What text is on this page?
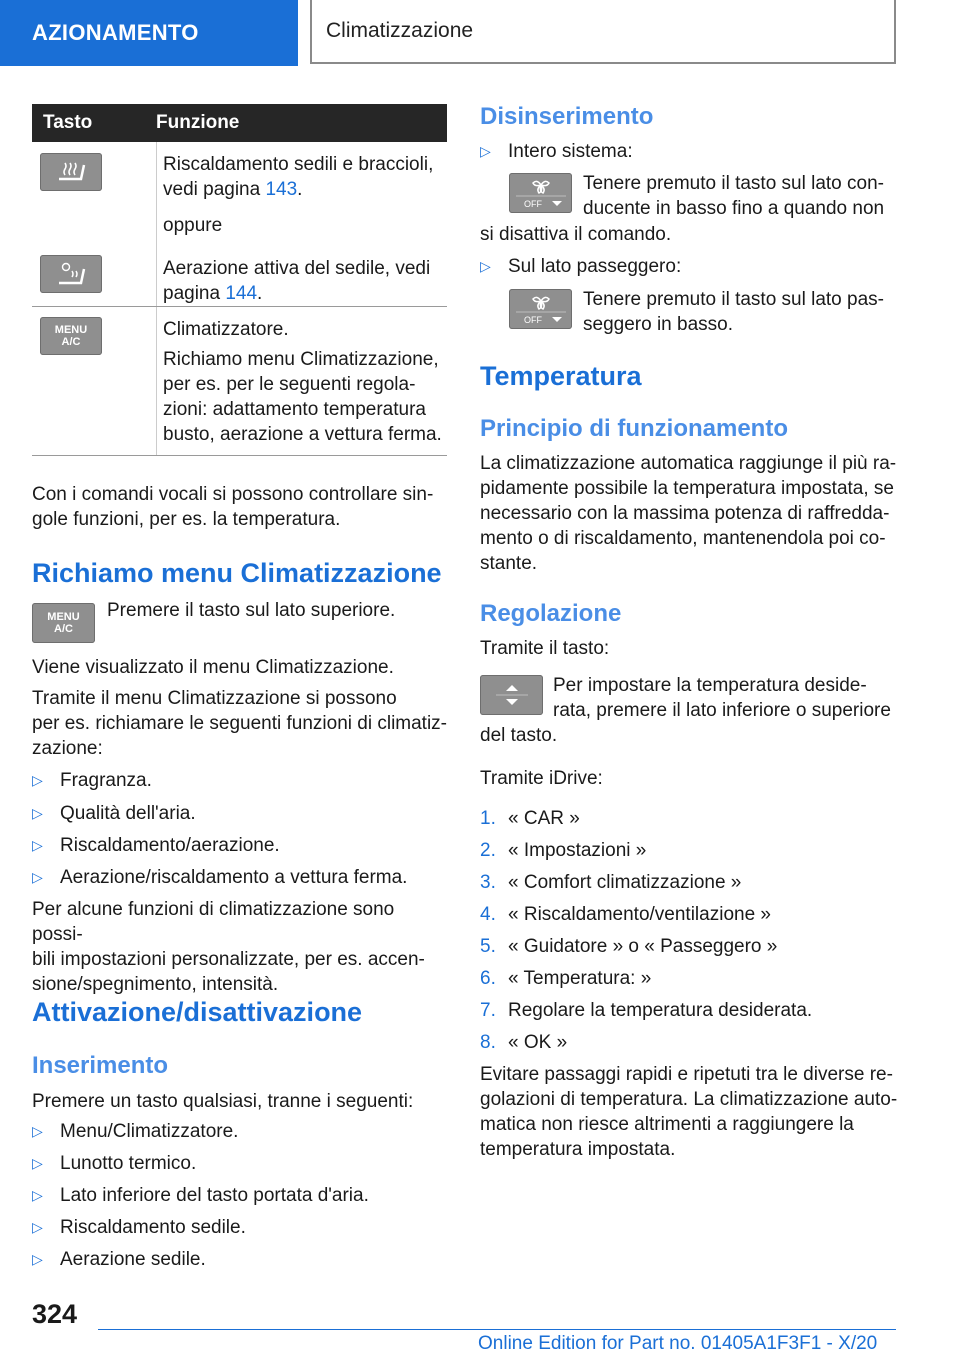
AZIONAMENTO	Climatizzazione
Tasto	Funzione

Riscaldamento sedili e braccioli,

vedi pagina 143.

oppure

Aerazione attiva del sedile, vedi

pagina 144.

MENU
A/C

Climatizzatore.

Richiamo menu Climatizzazione,

per es. per le seguenti regola-

zioni: adattamento temperatura

busto, aerazione a vettura ferma.

Con i comandi vocali si possono controllare sin-

gole funzioni, per es. la temperatura.

Richiamo menu Climatizzazione
MENU
A/C

Premere il tasto sul lato superiore.

Viene visualizzato il menu Climatizzazione.

Tramite il menu Climatizzazione si possono

per es. richiamare le seguenti funzioni di climatiz-

zazione:

▷ Fragranza.
▷ Qualità dell'aria.
▷ Riscaldamento/aerazione.
▷ Aerazione/riscaldamento a vettura ferma.

Per alcune funzioni di climatizzazione sono possi-

bili impostazioni personalizzate, per es. accen-

sione/spegnimento, intensità.

Attivazione/disattivazione
Inserimento

Premere un tasto qualsiasi, tranne i seguenti:

▷ Menu/Climatizzatore.
▷ Lunotto termico.
▷ Lato inferiore del tasto portata d'aria.
▷ Riscaldamento sedile.
▷ Aerazione sedile.
Disinserimento
▷ Intero sistema:
OFF

Tenere premuto il tasto sul lato con-

ducente in basso fino a quando non

si disattiva il comando.

▷ Sul lato passeggero:
OFF

Tenere premuto il tasto sul lato pas-

seggero in basso.

Temperatura
Principio di funzionamento

La climatizzazione automatica raggiunge il più ra-

pidamente possibile la temperatura impostata, se

necessario con la massima potenza di raffredda-

mento o di riscaldamento, mantenendola poi co-

stante.

Regolazione

Tramite il tasto:

Per impostare la temperatura deside-

rata, premere il lato inferiore o superiore

del tasto.

Tramite iDrive:

1. « CAR »
2. « Impostazioni »
3. « Comfort climatizzazione »
4. « Riscaldamento/ventilazione »
5. « Guidatore » o « Passeggero »
6. « Temperatura: »
7. Regolare la temperatura desiderata.
8. « OK »

Evitare passaggi rapidi e ripetuti tra le diverse re-

golazioni di temperatura. La climatizzazione auto-

matica non riesce altrimenti a raggiungere la

temperatura impostata.

324
Online Edition for Part no. 01405A1F3F1 - X/20
